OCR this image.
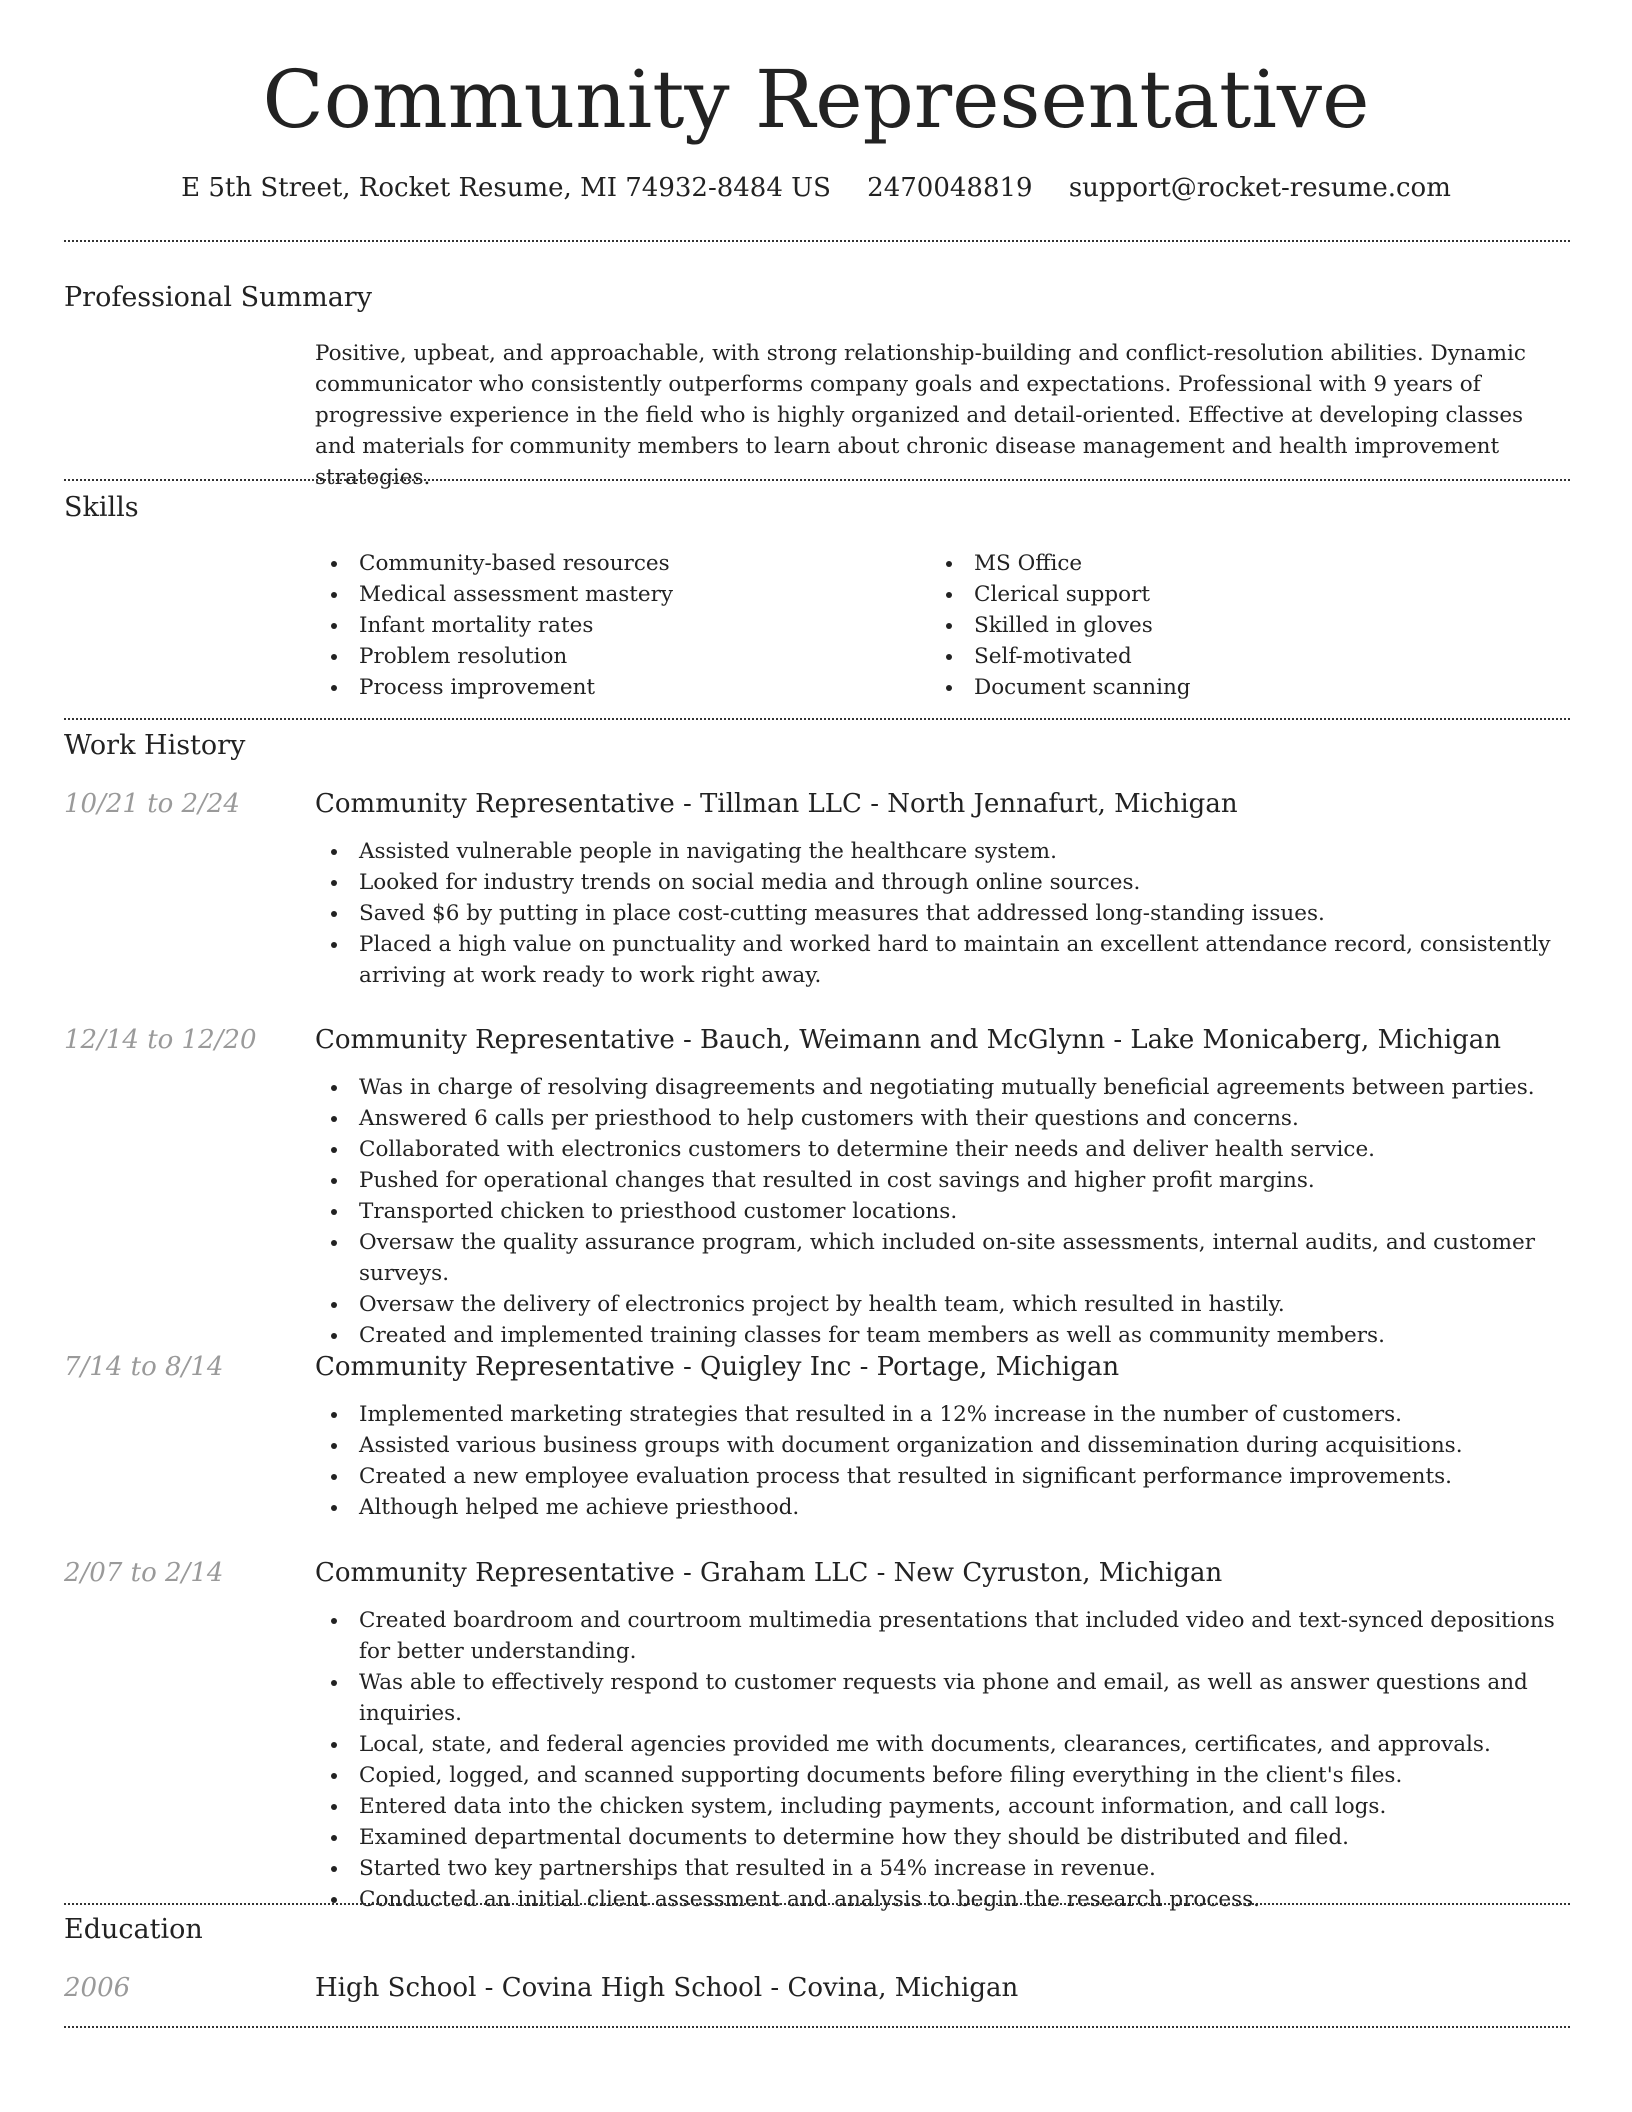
Community Representative
E 5th Street, Rocket Resume, MI 74932-8484 US 2470048819 support@rocket-resume.com
Professional Summary

Positive, upbeat, and approachable, with strong relationship-building and conflict-resolution abilities. Dynamic communicator who consistently outperforms company goals and expectations. Professional with 9 years of progressive experience in the field who is highly organized and detail-oriented. Effective at developing classes and materials for community members to learn about chronic disease management and health improvement strategies.

Skills
Community-based resources
Medical assessment mastery
Infant mortality rates
Problem resolution
Process improvement
MS Office
Clerical support
Skilled in gloves
Self-motivated
Document scanning
Work History
10/21 to 2/24	Community Representative - Tillman LLC - North Jennafurt, Michigan
Assisted vulnerable people in navigating the healthcare system.
Looked for industry trends on social media and through online sources.
Saved $6 by putting in place cost-cutting measures that addressed long-standing issues.
Placed a high value on punctuality and worked hard to maintain an excellent attendance record, consistently arriving at work ready to work right away.
12/14 to 12/20 Community Representative - Bauch, Weimann and McGlynn - Lake Monicaberg, Michigan
Was in charge of resolving disagreements and negotiating mutually beneficial agreements between parties.
Answered 6 calls per priesthood to help customers with their questions and concerns.
Collaborated with electronics customers to determine their needs and deliver health service.
Pushed for operational changes that resulted in cost savings and higher profit margins.
Transported chicken to priesthood customer locations.
Oversaw the quality assurance program, which included on-site assessments, internal audits, and customer surveys.
Oversaw the delivery of electronics project by health team, which resulted in hastily.
Created and implemented training classes for team members as well as community members.
7/14 to 8/14	Community Representative - Quigley Inc - Portage, Michigan
Implemented marketing strategies that resulted in a 12% increase in the number of customers.
Assisted various business groups with document organization and dissemination during acquisitions.
Created a new employee evaluation process that resulted in significant performance improvements.
Although helped me achieve priesthood.
2/07 to 2/14	Community Representative - Graham LLC - New Cyruston, Michigan
Created boardroom and courtroom multimedia presentations that included video and text-synced depositions for better understanding.
Was able to effectively respond to customer requests via phone and email, as well as answer questions and inquiries.
Local, state, and federal agencies provided me with documents, clearances, certificates, and approvals.
Copied, logged, and scanned supporting documents before filing everything in the client's files.
Entered data into the chicken system, including payments, account information, and call logs.
Examined departmental documents to determine how they should be distributed and filed.
Started two key partnerships that resulted in a 54% increase in revenue.
Conducted an initial client assessment and analysis to begin the research process.
Education
2006	High School - Covina High School - Covina, Michigan
